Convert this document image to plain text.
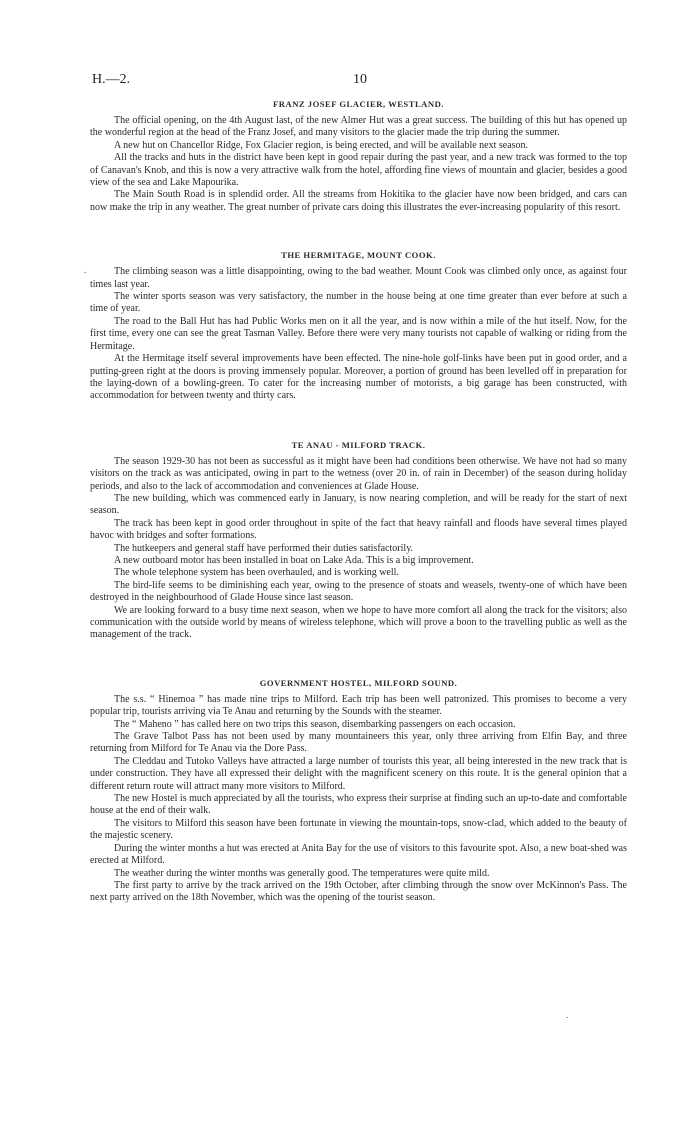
H.—2.	10
FRANZ JOSEF GLACIER, WESTLAND.

The official opening, on the 4th August last, of the new Almer Hut was a great success. The building of this hut has opened up the wonderful region at the head of the Franz Josef, and many visitors to the glacier made the trip during the summer.

A new hut on Chancellor Ridge, Fox Glacier region, is being erected, and will be available next season.

All the tracks and huts in the district have been kept in good repair during the past year, and a new track was formed to the top of Canavan's Knob, and this is now a very attractive walk from the hotel, affording fine views of mountain and glacier, besides a good view of the sea and Lake Mapourika.

The Main South Road is in splendid order. All the streams from Hokitika to the glacier have now been bridged, and cars can now make the trip in any weather. The great number of private cars doing this illustrates the ever-increasing popularity of this resort.

THE HERMITAGE, MOUNT COOK.

The climbing season was a little disappointing, owing to the bad weather. Mount Cook was climbed only once, as against four times last year.

The winter sports season was very satisfactory, the number in the house being at one time greater than ever before at such a time of year.

The road to the Ball Hut has had Public Works men on it all the year, and is now within a mile of the hut itself. Now, for the first time, every one can see the great Tasman Valley. Before there were very many tourists not capable of walking or riding from the Hermitage.

At the Hermitage itself several improvements have been effected. The nine-hole golf-links have been put in good order, and a putting-green right at the doors is proving immensely popular. Moreover, a portion of ground has been levelled off in preparation for the laying-down of a bowling-green. To cater for the increasing number of motorists, a big garage has been constructed, with accommodation for between twenty and thirty cars.

TE ANAU - MILFORD TRACK.

The season 1929-30 has not been as successful as it might have been had conditions been otherwise. We have not had so many visitors on the track as was anticipated, owing in part to the wetness (over 20 in. of rain in December) of the season during holiday periods, and also to the lack of accommodation and conveniences at Glade House.

The new building, which was commenced early in January, is now nearing completion, and will be ready for the start of next season.

The track has been kept in good order throughout in spite of the fact that heavy rainfall and floods have several times played havoc with bridges and softer formations.

The hutkeepers and general staff have performed their duties satisfactorily.

A new outboard motor has been installed in boat on Lake Ada. This is a big improvement.

The whole telephone system has been overhauled, and is working well.

The bird-life seems to be diminishing each year, owing to the presence of stoats and weasels, twenty-one of which have been destroyed in the neighbourhood of Glade House since last season.

We are looking forward to a busy time next season, when we hope to have more comfort all along the track for the visitors; also communication with the outside world by means of wireless telephone, which will prove a boon to the travelling public as well as the management of the track.

GOVERNMENT HOSTEL, MILFORD SOUND.

The s.s. “ Hinemoa ” has made nine trips to Milford. Each trip has been well patronized. This promises to become a very popular trip, tourists arriving via Te Anau and returning by the Sounds with the steamer.

The “ Maheno ” has called here on two trips this season, disembarking passengers on each occasion.

The Grave Talbot Pass has not been used by many mountaineers this year, only three arriving from Elfin Bay, and three returning from Milford for Te Anau via the Dore Pass.

The Cleddau and Tutoko Valleys have attracted a large number of tourists this year, all being interested in the new track that is under construction. They have all expressed their delight with the magnificent scenery on this route. It is the general opinion that a different return route will attract many more visitors to Milford.

The new Hostel is much appreciated by all the tourists, who express their surprise at finding such an up-to-date and comfortable house at the end of their walk.

The visitors to Milford this season have been fortunate in viewing the mountain-tops, snow-clad, which added to the beauty of the majestic scenery.

During the winter months a hut was erected at Anita Bay for the use of visitors to this favourite spot. Also, a new boat-shed was erected at Milford.

The weather during the winter months was generally good. The temperatures were quite mild.

The first party to arrive by the track arrived on the 19th October, after climbing through the snow over McKinnon's Pass. The next party arrived on the 18th November, which was the opening of the tourist season.

.
.
